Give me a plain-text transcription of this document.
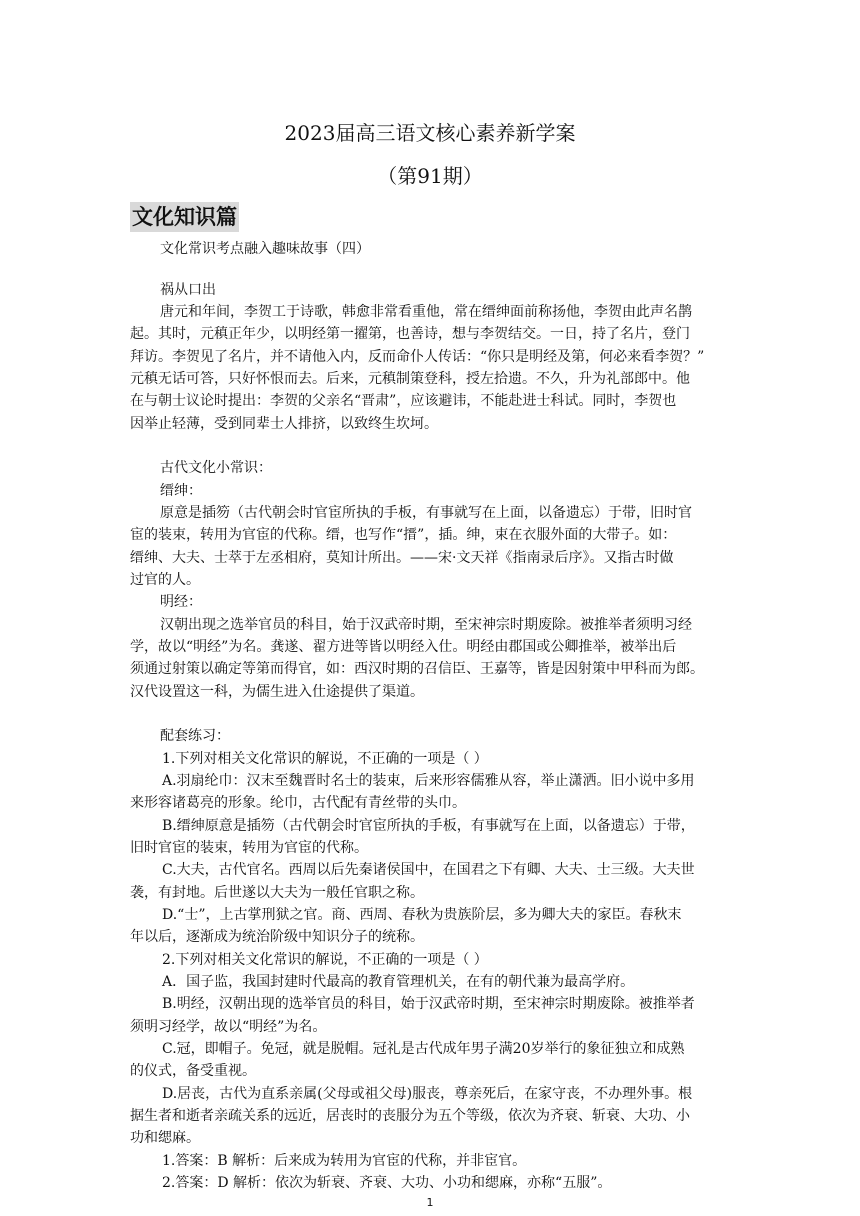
2023届高三语文核心素养新学案
（第91期）
文化知识篇
文化常识考点融入趣味故事（四）
祸从口出
唐元和年间，李贺工于诗歌，韩愈非常看重他，常在缙绅面前称扬他，李贺由此声名鹊
起。其时，元稹正年少，以明经第一擢第，也善诗，想与李贺结交。一日，持了名片，登门
拜访。李贺见了名片，并不请他入内，反而命仆人传话：“你只是明经及第，何必来看李贺？”
元稹无话可答，只好怀恨而去。后来，元稹制策登科，授左拾遗。不久，升为礼部郎中。他
在与朝士议论时提出：李贺的父亲名“晋肃”，应该避讳，不能赴进士科试。同时，李贺也
因举止轻薄，受到同辈士人排挤，以致终生坎坷。
古代文化小常识：
缙绅：
原意是插笏（古代朝会时官宦所执的手板，有事就写在上面，以备遗忘）于带，旧时官
宦的装束，转用为官宦的代称。缙，也写作“搢”，插。绅，束在衣服外面的大带子。如：
缙绅、大夫、士萃于左丞相府，莫知计所出。——宋·文天祥《指南录后序》。又指古时做
过官的人。
明经：
汉朝出现之选举官员的科目，始于汉武帝时期，至宋神宗时期废除。被推举者须明习经
学，故以“明经”为名。龚遂、翟方进等皆以明经入仕。明经由郡国或公卿推举，被举出后
须通过射策以确定等第而得官，如：西汉时期的召信臣、王嘉等，皆是因射策中甲科而为郎。
汉代设置这一科，为儒生进入仕途提供了渠道。
配套练习：
1.下列对相关文化常识的解说，不正确的一项是（ ）
A.羽扇纶巾：汉末至魏晋时名士的装束，后来形容儒雅从容，举止潇洒。旧小说中多用
来形容诸葛亮的形象。纶巾，古代配有青丝带的头巾。
B.缙绅原意是插笏（古代朝会时官宦所执的手板，有事就写在上面，以备遗忘）于带，
旧时官宦的装束，转用为官宦的代称。
C.大夫，古代官名。西周以后先秦诸侯国中，在国君之下有卿、大夫、士三级。大夫世
袭，有封地。后世遂以大夫为一般任官职之称。
D.“士”，上古掌刑狱之官。商、西周、春秋为贵族阶层，多为卿大夫的家臣。春秋末
年以后，逐渐成为统治阶级中知识分子的统称。
2.下列对相关文化常识的解说，不正确的一项是（ ）
A．国子监，我国封建时代最高的教育管理机关，在有的朝代兼为最高学府。
B.明经，汉朝出现的选举官员的科目，始于汉武帝时期，至宋神宗时期废除。被推举者
须明习经学，故以“明经”为名。
C.冠，即帽子。免冠，就是脱帽。冠礼是古代成年男子满20岁举行的象征独立和成熟
的仪式，备受重视。
D.居丧，古代为直系亲属(父母或祖父母)服丧，尊亲死后，在家守丧，不办理外事。根
据生者和逝者亲疏关系的远近，居丧时的丧服分为五个等级，依次为齐衰、斩衰、大功、小
功和缌麻。
1.答案：B 解析：后来成为转用为官宦的代称，并非宦官。
2.答案：D 解析：依次为斩衰、齐衰、大功、小功和缌麻，亦称“五服”。
1
